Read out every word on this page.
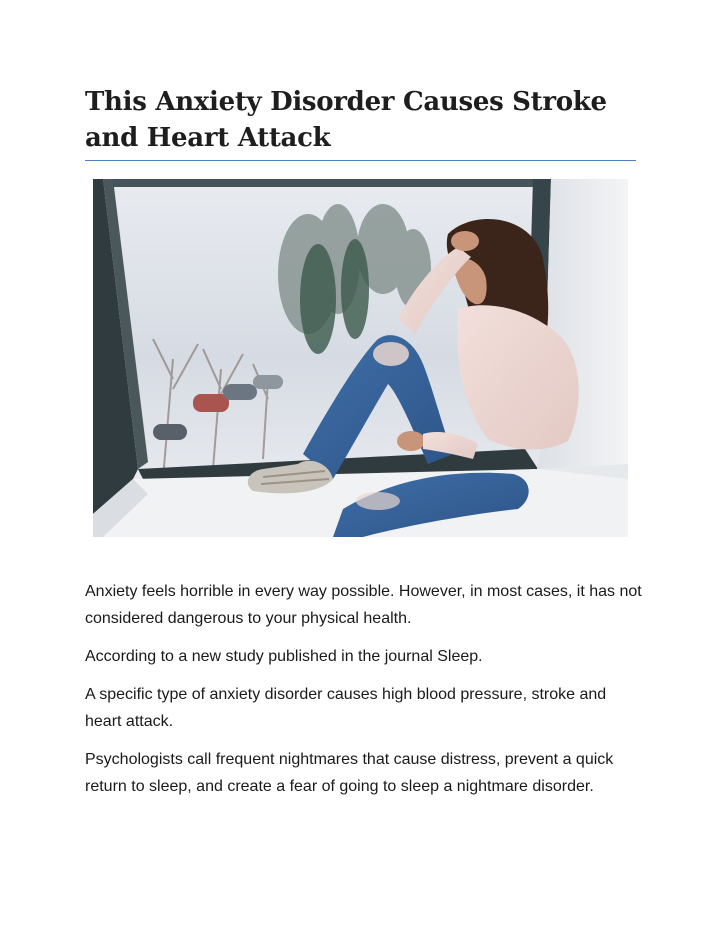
This Anxiety Disorder Causes Stroke and Heart Attack

Anxiety feels horrible in every way possible. However, in most cases, it has not considered dangerous to your physical health.

According to a new study published in the journal Sleep.

A specific type of anxiety disorder causes high blood pressure, stroke and heart attack.

Psychologists call frequent nightmares that cause distress, prevent a quick return to sleep, and create a fear of going to sleep a nightmare disorder.
